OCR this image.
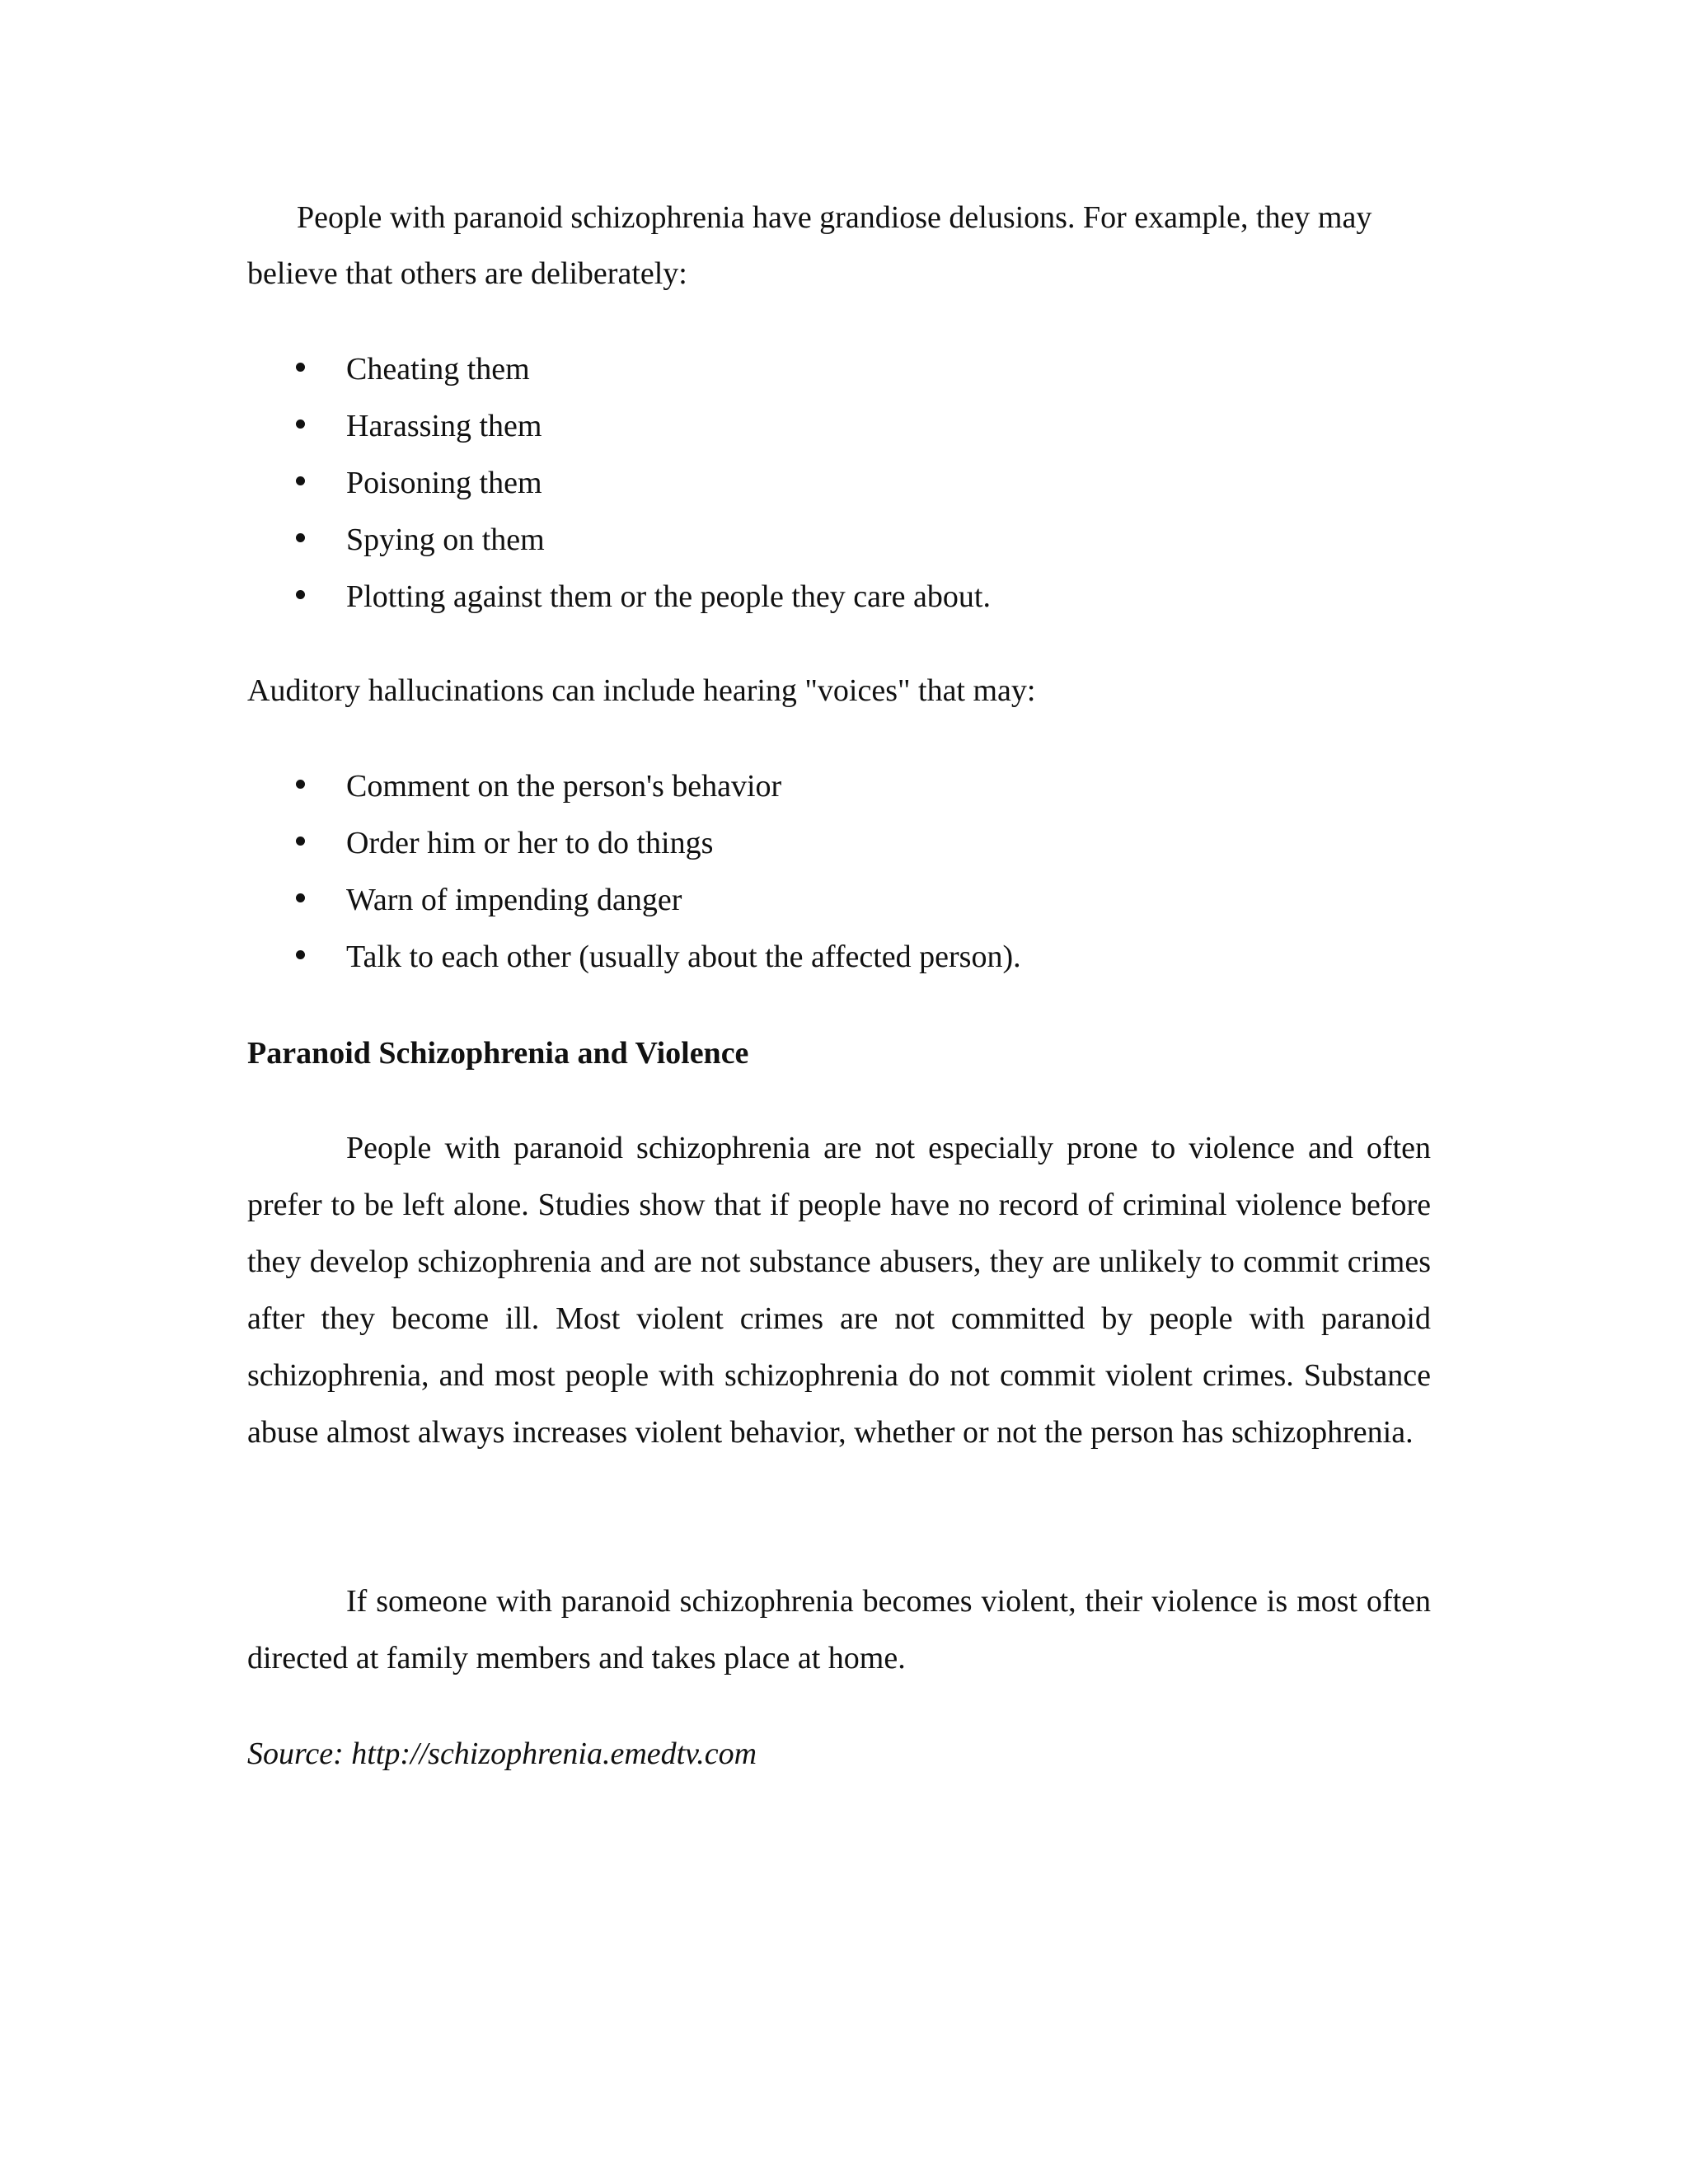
People with paranoid schizophrenia have grandiose delusions. For example, they may
believe that others are deliberately:
Cheating them
Harassing them
Poisoning them
Spying on them
Plotting against them or the people they care about.
Auditory hallucinations can include hearing "voices" that may:
Comment on the person's behavior
Order him or her to do things
Warn of impending danger
Talk to each other (usually about the affected person).
Paranoid Schizophrenia and Violence

People with paranoid schizophrenia are not especially prone to violence and often prefer to be left alone. Studies show that if people have no record of criminal violence before they develop schizophrenia and are not substance abusers, they are unlikely to commit crimes after they become ill. Most violent crimes are not committed by people with paranoid schizophrenia, and most people with schizophrenia do not commit violent crimes. Substance abuse almost always increases violent behavior, whether or not the person has schizophrenia.

If someone with paranoid schizophrenia becomes violent, their violence is most often directed at family members and takes place at home.

Source: http://schizophrenia.emedtv.com
